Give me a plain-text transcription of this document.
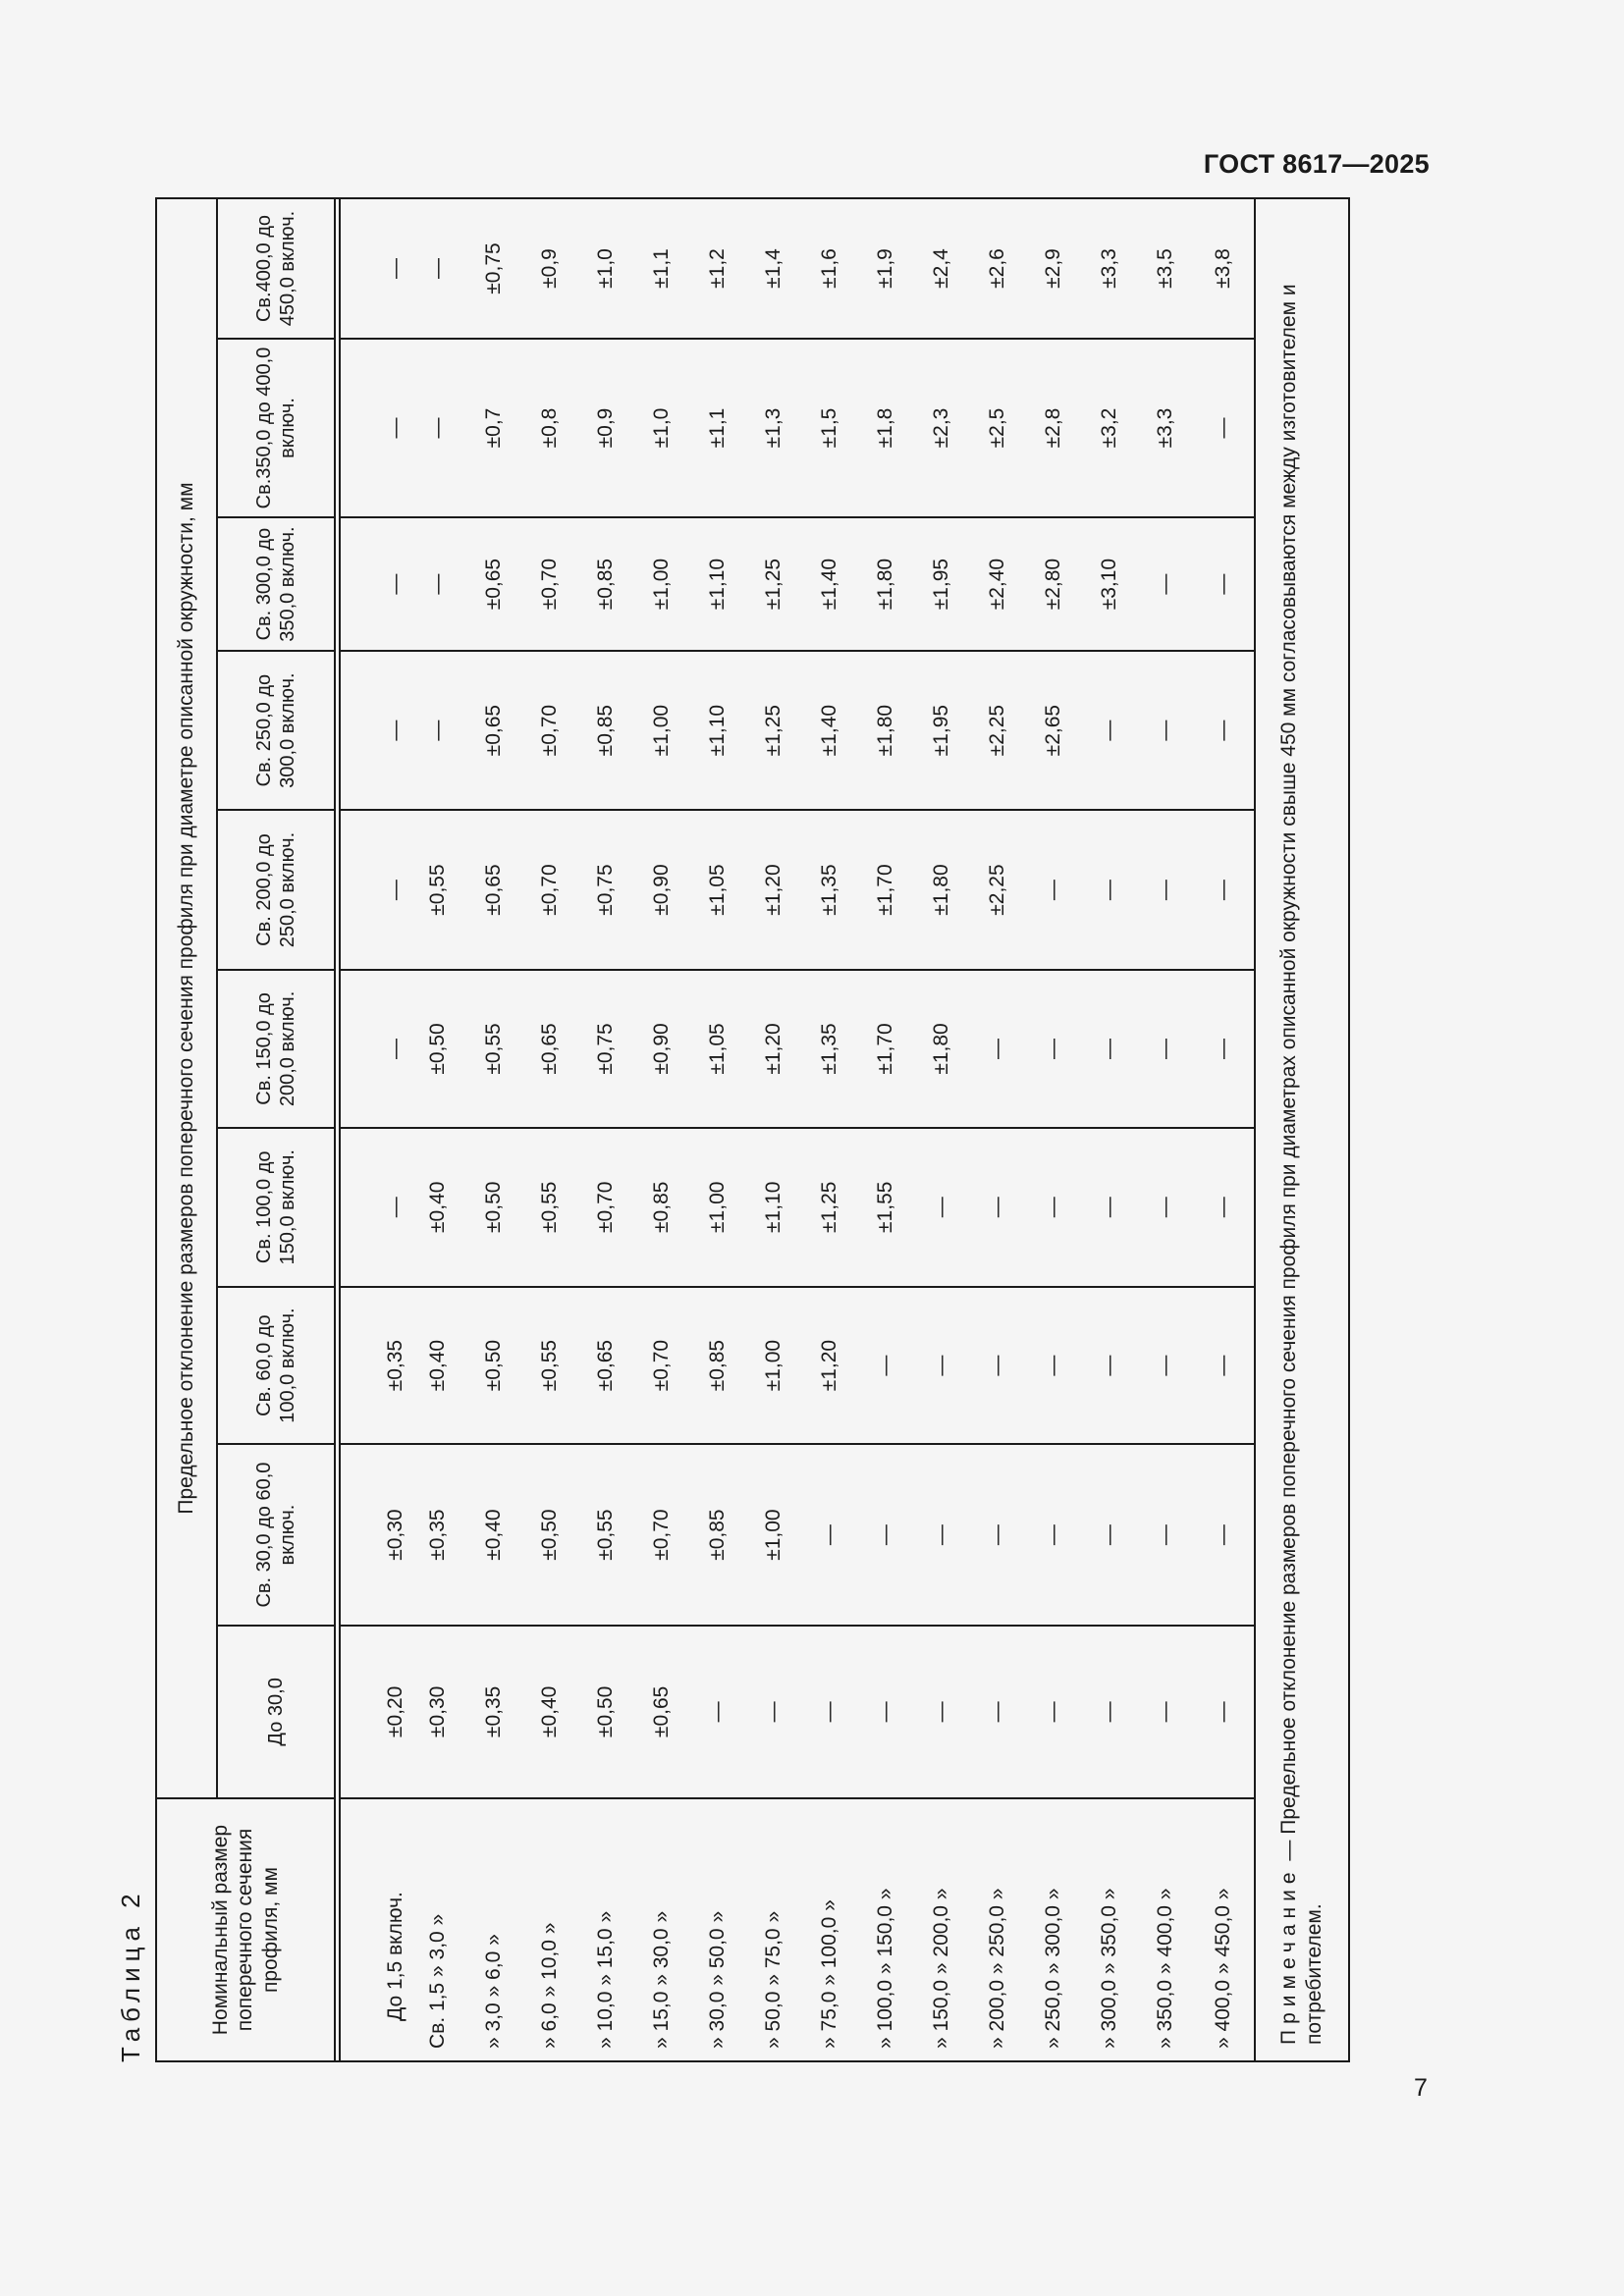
ГОСТ 8617—2025
Таблица 2	Номинальный размер поперечного сечения профиля, мм	Предельное отклонение размеров поперечного сечения профиля при диаметре описанной окружности, мм									
	До 30,0	Св. 30,0 до 60,0 включ.	Св. 60,0 до 100,0 включ.	Св. 100,0 до 150,0 включ.	Св. 150,0 до 200,0 включ.	Св. 200,0 до 250,0 включ.	Св. 250,0 до 300,0 включ.	Св. 300,0 до 350,0 включ.	Св.350,0 до 400,0 включ.	Св.400,0 до 450,0 включ.

До 1,5 включ.	±0,20	±0,30	±0,35	—	—	—	—	—	—	—
Св. 1,5 » 3,0 »	±0,30	±0,35	±0,40	±0,40	±0,50	±0,55	—	—	—	—
» 3,0 » 6,0 »	±0,35	±0,40	±0,50	±0,50	±0,55	±0,65	±0,65	±0,65	±0,7	±0,75
» 6,0 » 10,0 »	±0,40	±0,50	±0,55	±0,55	±0,65	±0,70	±0,70	±0,70	±0,8	±0,9
» 10,0 » 15,0 »	±0,50	±0,55	±0,65	±0,70	±0,75	±0,75	±0,85	±0,85	±0,9	±1,0
» 15,0 » 30,0 »	±0,65	±0,70	±0,70	±0,85	±0,90	±0,90	±1,00	±1,00	±1,0	±1,1
» 30,0 » 50,0 »	—	±0,85	±0,85	±1,00	±1,05	±1,05	±1,10	±1,10	±1,1	±1,2
» 50,0 » 75,0 »	—	±1,00	±1,00	±1,10	±1,20	±1,20	±1,25	±1,25	±1,3	±1,4
» 75,0 » 100,0 »	—	—	±1,20	±1,25	±1,35	±1,35	±1,40	±1,40	±1,5	±1,6
» 100,0 » 150,0 »	—	—	—	±1,55	±1,70	±1,70	±1,80	±1,80	±1,8	±1,9
» 150,0 » 200,0 »	—	—	—	—	±1,80	±1,80	±1,95	±1,95	±2,3	±2,4
» 200,0 » 250,0 »	—	—	—	—	—	±2,25	±2,25	±2,40	±2,5	±2,6
» 250,0 » 300,0 »	—	—	—	—	—	—	±2,65	±2,80	±2,8	±2,9
» 300,0 » 350,0 »	—	—	—	—	—	—	—	±3,10	±3,2	±3,3
» 350,0 » 400,0 »	—	—	—	—	—	—	—	—	±3,3	±3,5
» 400,0 » 450,0 »	—	—	—	—	—	—	—	—	—	±3,8
Примечание — Предельное отклонение размеров поперечного сечения профиля при диаметрах описанной окружности свыше 450 мм согласовываются между изготовителем и потребителем.										
7
